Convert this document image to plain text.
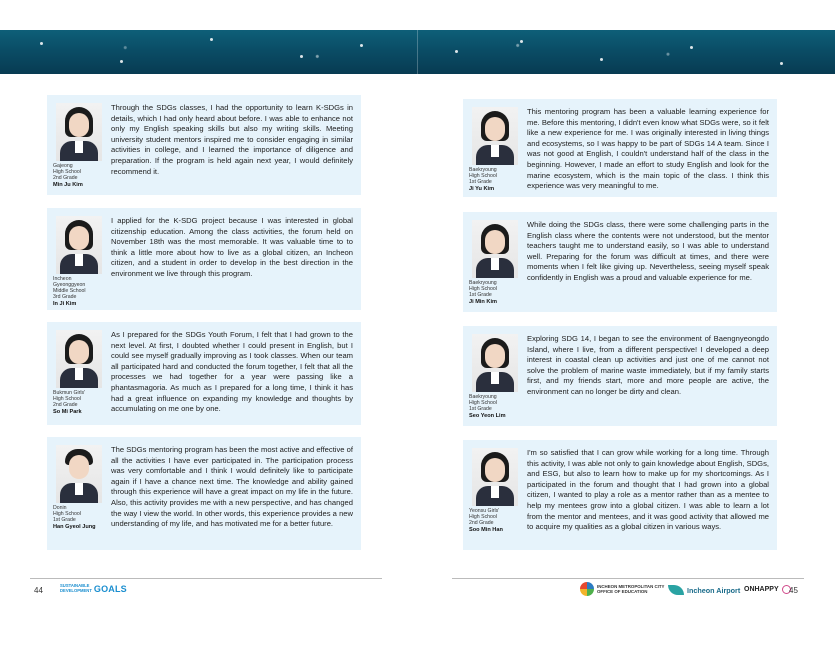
Gajeong
High School
2nd Grade
Min Ju Kim
Through the SDGs classes, I had the opportunity to learn K-SDGs in details, which I had only heard about before. I was able to enhance not only my English speaking skills but also my writing skills. Meeting university student mentors inspired me to consider engaging in similar activities in college, and I learned the importance of diligence and preparation. If the program is held again next year, I would definitely recommend it.
Incheon
Gyeonggyeon
Middle School
3rd Grade
In Ji Kim
I applied for the K-SDG project because I was interested in global citizenship education. Among the class activities, the forum held on November 18th was the most memorable. It was valuable time to to think a little more about how to live as a global citizen, an Incheon citizen, and a student in order to develop in the best direction in the environment we live through this program.
Bukmun Girls'
High School
2nd Grade
So Mi Park
As I prepared for the SDGs Youth Forum, I felt that I had grown to the next level. At first, I doubted whether I could present in English, but I could see myself gradually improving as I took classes. When our team all participated hard and conducted the forum together, I felt that all the processes we had together for a year were passing like a phantasmagoria. As much as I prepared for a long time, I think it has had a great influence on expanding my knowledge and thoughts by accumulating on me one by one.
Donin
High School
1st Grade
Han Gyeol Jung
The SDGs mentoring program has been the most active and effective of all the activities I have ever participated in. The participation process was very comfortable and I think I would definitely like to participate again if I have a chance next time. The knowledge and ability gained through this experience will have a great impact on my life in the future. Also, this activity provides me with a new perspective, and has changed the way I view the world. In other words, this experience provides a new understanding of my life, and has motivated me for a better future.
Baekryoung
High School
1st Grade
Ji Yu Kim
This mentoring program has been a valuable learning experience for me. Before this mentoring, I didn't even know what SDGs were, so it felt like a new experience for me. I was originally interested in living things and ecosystems, so I was happy to be part of SDGs 14 A team. Since I was not good at English, I couldn't understand half of the class in the beginning. However, I made an effort to study English and look for the marine ecosystem, which is the main topic of the class. I think this experience was very meaningful to me.
Baekryoung
High School
1st Grade
Ji Min Kim
While doing the SDGs class, there were some challenging parts in the English class where the contents were not understood, but the mentor teachers taught me to understand easily, so I was able to understand well. Preparing for the forum was difficult at times, and there were moments when I felt like giving up. Nevertheless, seeing myself speak confidently in English was a proud and valuable experience for me.
Baekryoung
High School
1st Grade
Seo Yeon Lim
Exploring SDG 14, I began to see the environment of Baengnyeongdo Island, where I live, from a different perspective! I developed a deep interest in coastal clean up activities and just one of me cannot not solve the problem of marine waste immediately, but if my family starts first, and my friends start, more and more people are active, the environment can no longer be dirty and clean.
Yeonsu Girls'
High School
2nd Grade
Soo Min Han
I'm so satisfied that I can grow while working for a long time. Through this activity, I was able not only to gain knowledge about English, SDGs, and ESG, but also to learn how to make up for my shortcomings. As I participated in the forum and thought that I had grown into a global citizen, I wanted to play a role as a mentor rather than as a mentee to help my mentees grow into a global citizen. I was able to learn a lot from the mentor and mentees, and it was good activity that allowed me to acquire my qualities as a global citizen in various ways.
44
SUSTAINABLE
DEVELOPMENT GOALS	INCHEON METROPOLITAN CITY
OFFICE OF EDUCATION	Incheon Airport ONHAPPY 45
